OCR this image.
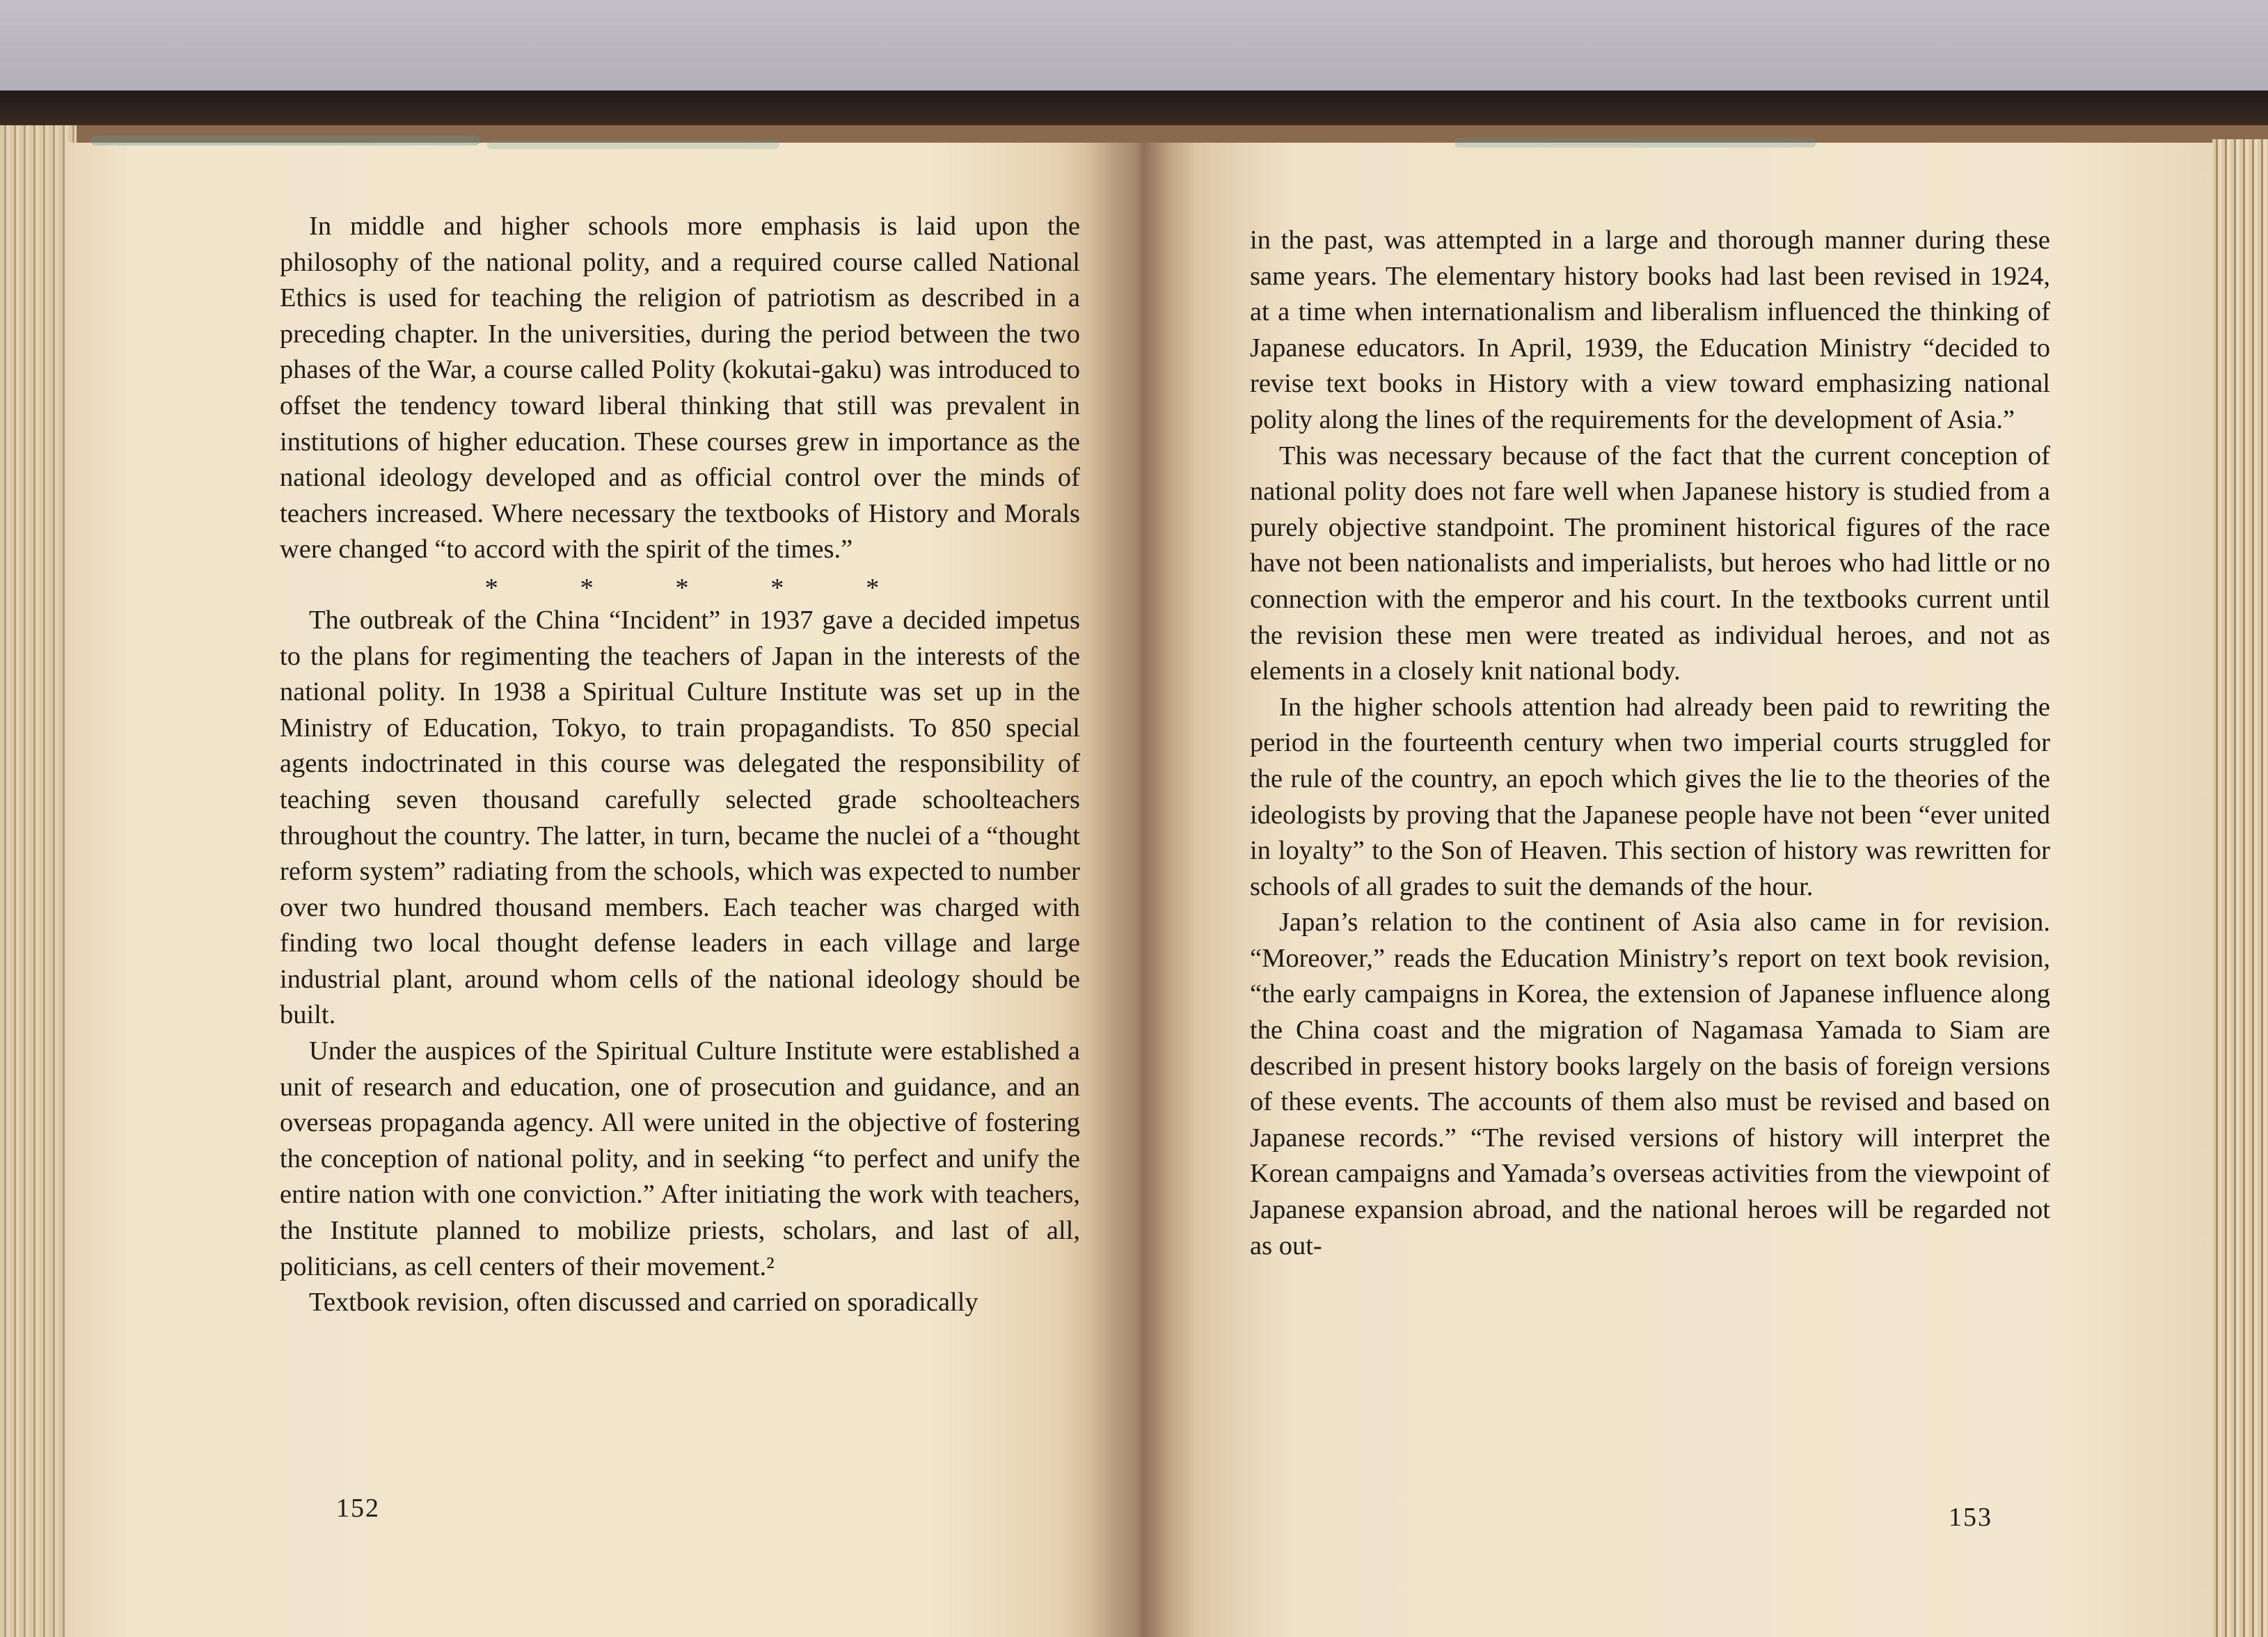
In middle and higher schools more emphasis is laid upon the philosophy of the national polity, and a required course called National Ethics is used for teaching the religion of patriotism as described in a preceding chapter. In the universities, during the period between the two phases of the War, a course called Polity (kokutai-gaku) was introduced to offset the tendency toward liberal thinking that still was prevalent in institutions of higher education. These courses grew in importance as the national ideology developed and as official control over the minds of teachers increased. Where necessary the textbooks of History and Morals were changed “to accord with the spirit of the times.”

* * * * *

The outbreak of the China “Incident” in 1937 gave a decided impetus to the plans for regimenting the teachers of Japan in the interests of the national polity. In 1938 a Spiritual Culture Institute was set up in the Ministry of Education, Tokyo, to train propagandists. To 850 special agents indoctrinated in this course was delegated the responsibility of teaching seven thousand carefully selected grade schoolteachers throughout the country. The latter, in turn, became the nuclei of a “thought reform system” radiating from the schools, which was expected to number over two hundred thousand members. Each teacher was charged with finding two local thought defense leaders in each village and large industrial plant, around whom cells of the national ideology should be built.

Under the auspices of the Spiritual Culture Institute were established a unit of research and education, one of prosecution and guidance, and an overseas propaganda agency. All were united in the objective of fostering the conception of national polity, and in seeking “to perfect and unify the entire nation with one conviction.” After initiating the work with teachers, the Institute planned to mobilize priests, scholars, and last of all, politicians, as cell centers of their movement.²

Textbook revision, often discussed and carried on sporadically

in the past, was attempted in a large and thorough manner during these same years. The elementary history books had last been revised in 1924, at a time when internationalism and liberalism influenced the thinking of Japanese educators. In April, 1939, the Education Ministry “decided to revise text books in History with a view toward emphasizing national polity along the lines of the requirements for the development of Asia.”

This was necessary because of the fact that the current conception of national polity does not fare well when Japanese history is studied from a purely objective standpoint. The prominent historical figures of the race have not been nationalists and imperialists, but heroes who had little or no connection with the emperor and his court. In the textbooks current until the revision these men were treated as individual heroes, and not as elements in a closely knit national body.

In the higher schools attention had already been paid to rewriting the period in the fourteenth century when two imperial courts struggled for the rule of the country, an epoch which gives the lie to the theories of the ideologists by proving that the Japanese people have not been “ever united in loyalty” to the Son of Heaven. This section of history was rewritten for schools of all grades to suit the demands of the hour.

Japan’s relation to the continent of Asia also came in for revision. “Moreover,” reads the Education Ministry’s report on text book revision, “the early campaigns in Korea, the extension of Japanese influence along the China coast and the migration of Nagamasa Yamada to Siam are described in present history books largely on the basis of foreign versions of these events. The accounts of them also must be revised and based on Japanese records.” “The revised versions of history will interpret the Korean campaigns and Yamada’s overseas activities from the viewpoint of Japanese expansion abroad, and the national heroes will be regarded not as out-

152	153
